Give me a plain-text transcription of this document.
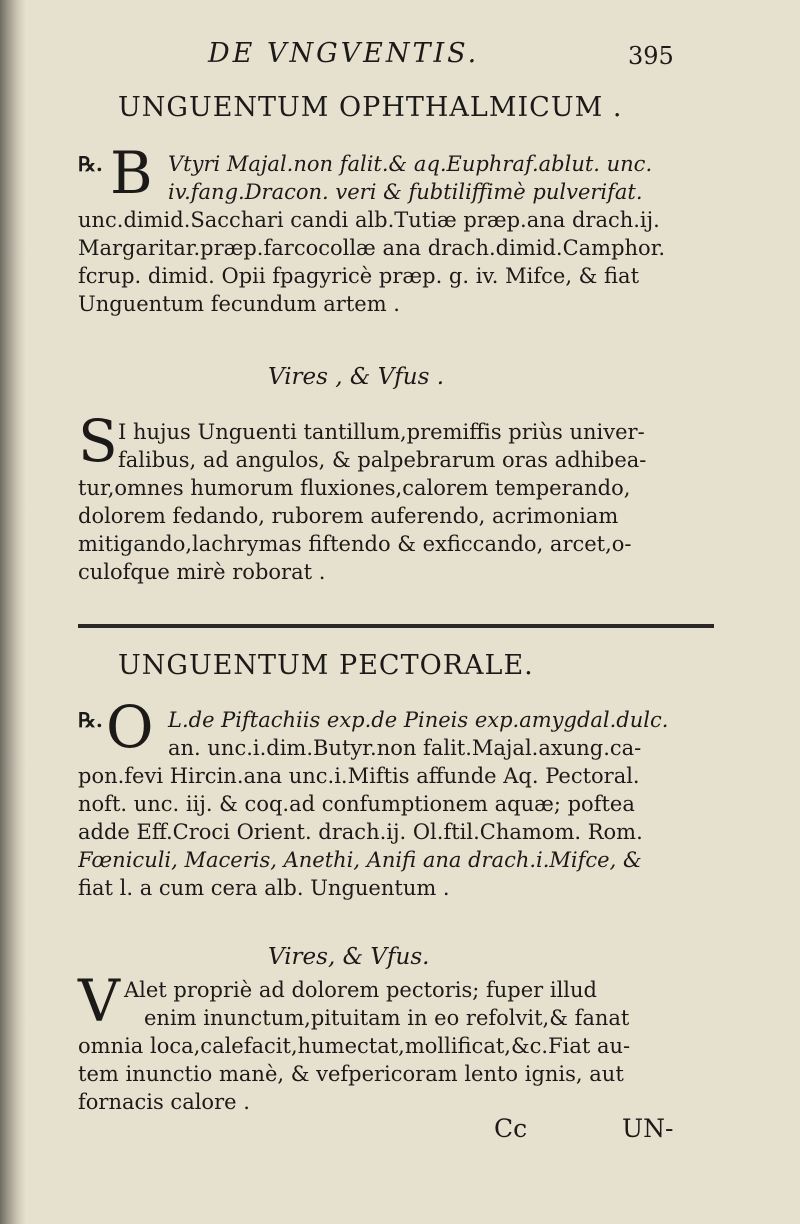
DE VNGVENTIS.	395
UNGUENTUM OPHTHALMICUM .
℞. B Vtyri Majal.non falit.& aq.Euphraf.ablut. unc.
iv.fang.Dracon. veri & fubtiliffimè pulverifat.
unc.dimid.Sacchari candi alb.Tutiæ præp.ana drach.ij.
Margaritar.præp.farcocollæ ana drach.dimid.Camphor.
fcrup. dimid. Opii fpagyricè præp. g. iv. Mifce, & fiat
Unguentum fecundum artem .
Vires , & Vfus .
S I hujus Unguenti tantillum,premiffis priùs univer-
falibus, ad angulos, & palpebrarum oras adhibea-
tur,omnes humorum fluxiones,calorem temperando,
dolorem fedando, ruborem auferendo, acrimoniam
mitigando,lachrymas fiftendo & exficcando, arcet,o-
culofque mirè roborat .
UNGUENTUM PECTORALE.
℞. O L.de Piftachiis exp.de Pineis exp.amygdal.dulc.
an. unc.i.dim.Butyr.non falit.Majal.axung.ca-
pon.fevi Hircin.ana unc.i.Miftis affunde Aq. Pectoral.
noft. unc. iij. & coq.ad confumptionem aquæ; poftea
adde Eff.Croci Orient. drach.ij. Ol.ftil.Chamom. Rom.
Fœniculi, Maceris, Anethi, Anifi ana drach.i.Mifce, &
fiat l. a cum cera alb. Unguentum .
Vires, & Vfus.
V Alet propriè ad dolorem pectoris; fuper illud
enim inunctum,pituitam in eo refolvit,& fanat
omnia loca,calefacit,humectat,mollificat,&c.Fiat au-
tem inunctio manè, & vefpericoram lento ignis, aut
fornacis calore .
Cc	UN-
